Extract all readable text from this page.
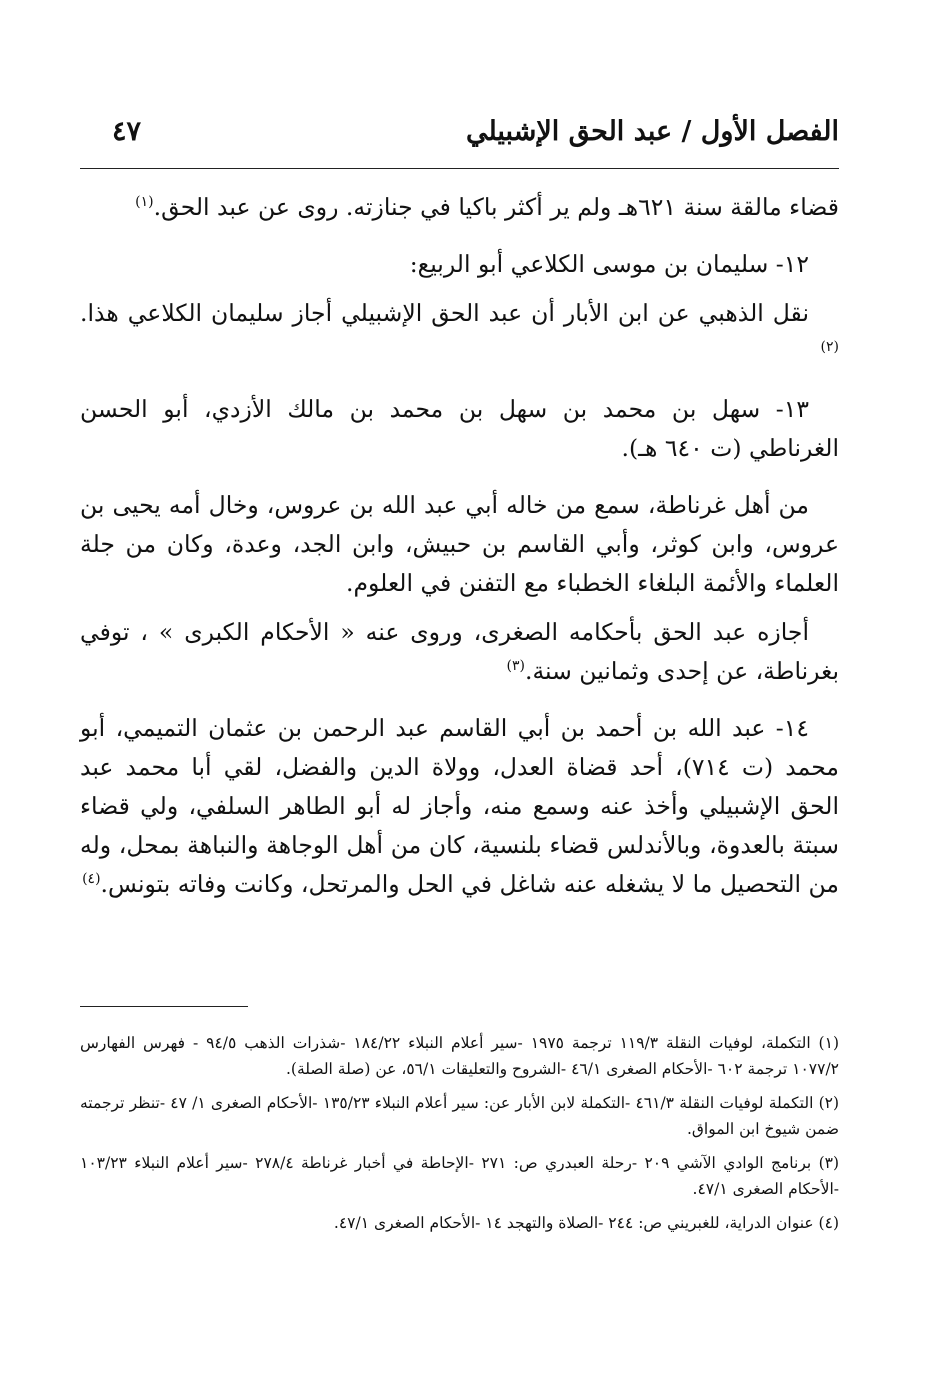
الفصل الأول / عبد الحق الإشبيلي
٤٧

قضاء مالقة سنة ٦٢١هـ ولم ير أكثر باكيا في جنازته. روى عن عبد الحق.$^{(١)}$

١٢- سليمان بن موسى الكلاعي أبو الربيع:

نقل الذهبي عن ابن الأبار أن عبد الحق الإشبيلي أجاز سليمان الكلاعي هذا.$^{(٢)}$

١٣- سهل بن محمد بن سهل بن محمد بن مالك الأزدي، أبو الحسن الغرناطي (ت ٦٤٠ هـ).

من أهل غرناطة، سمع من خاله أبي عبد الله بن عروس، وخال أمه يحيى بن عروس، وابن كوثر، وأبي القاسم بن حبيش، وابن الجد، وعدة، وكان من جلة العلماء والأئمة البلغاء الخطباء مع التفنن في العلوم.

أجازه عبد الحق بأحكامه الصغرى، وروى عنه « الأحكام الكبرى » ، توفي بغرناطة، عن إحدى وثمانين سنة.$^{(٣)}$

١٤- عبد الله بن أحمد بن أبي القاسم عبد الرحمن بن عثمان التميمي، أبو محمد (ت ٧١٤)، أحد قضاة العدل، وولاة الدين والفضل، لقي أبا محمد عبد الحق الإشبيلي وأخذ عنه وسمع منه، وأجاز له أبو الطاهر السلفي، ولي قضاء سبتة بالعدوة، وبالأندلس قضاء بلنسية، كان من أهل الوجاهة والنباهة بمحل، وله من التحصيل ما لا يشغله عنه شاغل في الحل والمرتحل، وكانت وفاته بتونس.$^{(٤)}$

(١) التكملة، لوفيات النقلة ١١٩/٣ ترجمة ١٩٧٥ -سير أعلام النبلاء ١٨٤/٢٢ -شذرات الذهب ٩٤/٥ - فهرس الفهارس ١٠٧٧/٢ ترجمة ٦٠٢ -الأحكام الصغرى ٤٦/١ -الشروح والتعليقات ٥٦/١، عن (صلة الصلة).

(٢) التكملة لوفيات النقلة ٤٦١/٣ -التكملة لابن الأبار عن: سير أعلام النبلاء ١٣٥/٢٣ -الأحكام الصغرى ١/ ٤٧ -تنظر ترجمته ضمن شيوخ ابن المواق.

(٣) برنامج الوادي الآشي ٢٠٩ -رحلة العبدري ص: ٢٧١ -الإحاطة في أخبار غرناطة ٢٧٨/٤ -سير أعلام النبلاء ١٠٣/٢٣ -الأحكام الصغرى ٤٧/١.

(٤) عنوان الدراية، للغبريني ص: ٢٤٤ -الصلاة والتهجد ١٤ -الأحكام الصغرى ٤٧/١.
